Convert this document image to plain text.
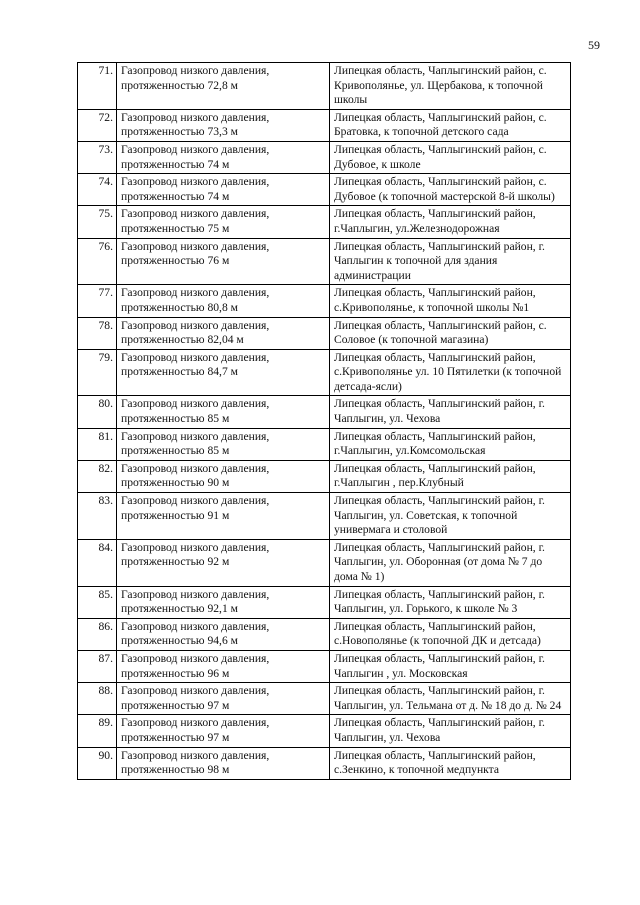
59
71.	Газопровод низкого давления, протяженностью 72,8 м	Липецкая область, Чаплыгинский район, с. Кривополянье, ул. Щербакова, к топочной школы
72.	Газопровод низкого давления, протяженностью 73,3 м	Липецкая область, Чаплыгинский район, с. Братовка, к топочной детского сада
73.	Газопровод низкого давления, протяженностью 74 м	Липецкая область, Чаплыгинский район, с. Дубовое, к школе
74.	Газопровод низкого давления, протяженностью 74 м	Липецкая область, Чаплыгинский район, с. Дубовое (к топочной мастерской 8-й школы)
75.	Газопровод низкого давления, протяженностью 75 м	Липецкая область, Чаплыгинский район, г.Чаплыгин, ул.Железнодорожная
76.	Газопровод низкого давления, протяженностью 76 м	Липецкая область, Чаплыгинский район, г. Чаплыгин к топочной для здания администрации
77.	Газопровод низкого давления, протяженностью 80,8 м	Липецкая область, Чаплыгинский район, с.Кривополянье, к топочной школы №1
78.	Газопровод низкого давления, протяженностью 82,04 м	Липецкая область, Чаплыгинский район, с. Соловое (к топочной магазина)
79.	Газопровод низкого давления, протяженностью 84,7 м	Липецкая область, Чаплыгинский район, с.Кривополянье ул. 10 Пятилетки (к топочной детсада-ясли)
80.	Газопровод низкого давления, протяженностью 85 м	Липецкая область, Чаплыгинский район, г. Чаплыгин, ул. Чехова
81.	Газопровод низкого давления, протяженностью 85 м	Липецкая область, Чаплыгинский район, г.Чаплыгин, ул.Комсомольская
82.	Газопровод низкого давления, протяженностью 90 м	Липецкая область, Чаплыгинский район, г.Чаплыгин , пер.Клубный
83.	Газопровод низкого давления, протяженностью 91 м	Липецкая область, Чаплыгинский район, г. Чаплыгин, ул. Советская, к топочной универмага и столовой
84.	Газопровод низкого давления, протяженностью 92 м	Липецкая область, Чаплыгинский район, г. Чаплыгин, ул. Оборонная (от дома № 7 до дома № 1)
85.	Газопровод низкого давления, протяженностью 92,1 м	Липецкая область, Чаплыгинский район, г. Чаплыгин, ул. Горького, к школе № 3
86.	Газопровод низкого давления, протяженностью 94,6 м	Липецкая область, Чаплыгинский район, с.Новополянье (к топочной ДК и детсада)
87.	Газопровод низкого давления, протяженностью 96 м	Липецкая область, Чаплыгинский район, г. Чаплыгин , ул. Московская
88.	Газопровод низкого давления, протяженностью 97 м	Липецкая область, Чаплыгинский район, г. Чаплыгин, ул. Тельмана от д. № 18 до д. № 24
89.	Газопровод низкого давления, протяженностью 97 м	Липецкая область, Чаплыгинский район, г. Чаплыгин, ул. Чехова
90.	Газопровод низкого давления, протяженностью 98 м	Липецкая область, Чаплыгинский район, с.Зенкино, к топочной медпункта
